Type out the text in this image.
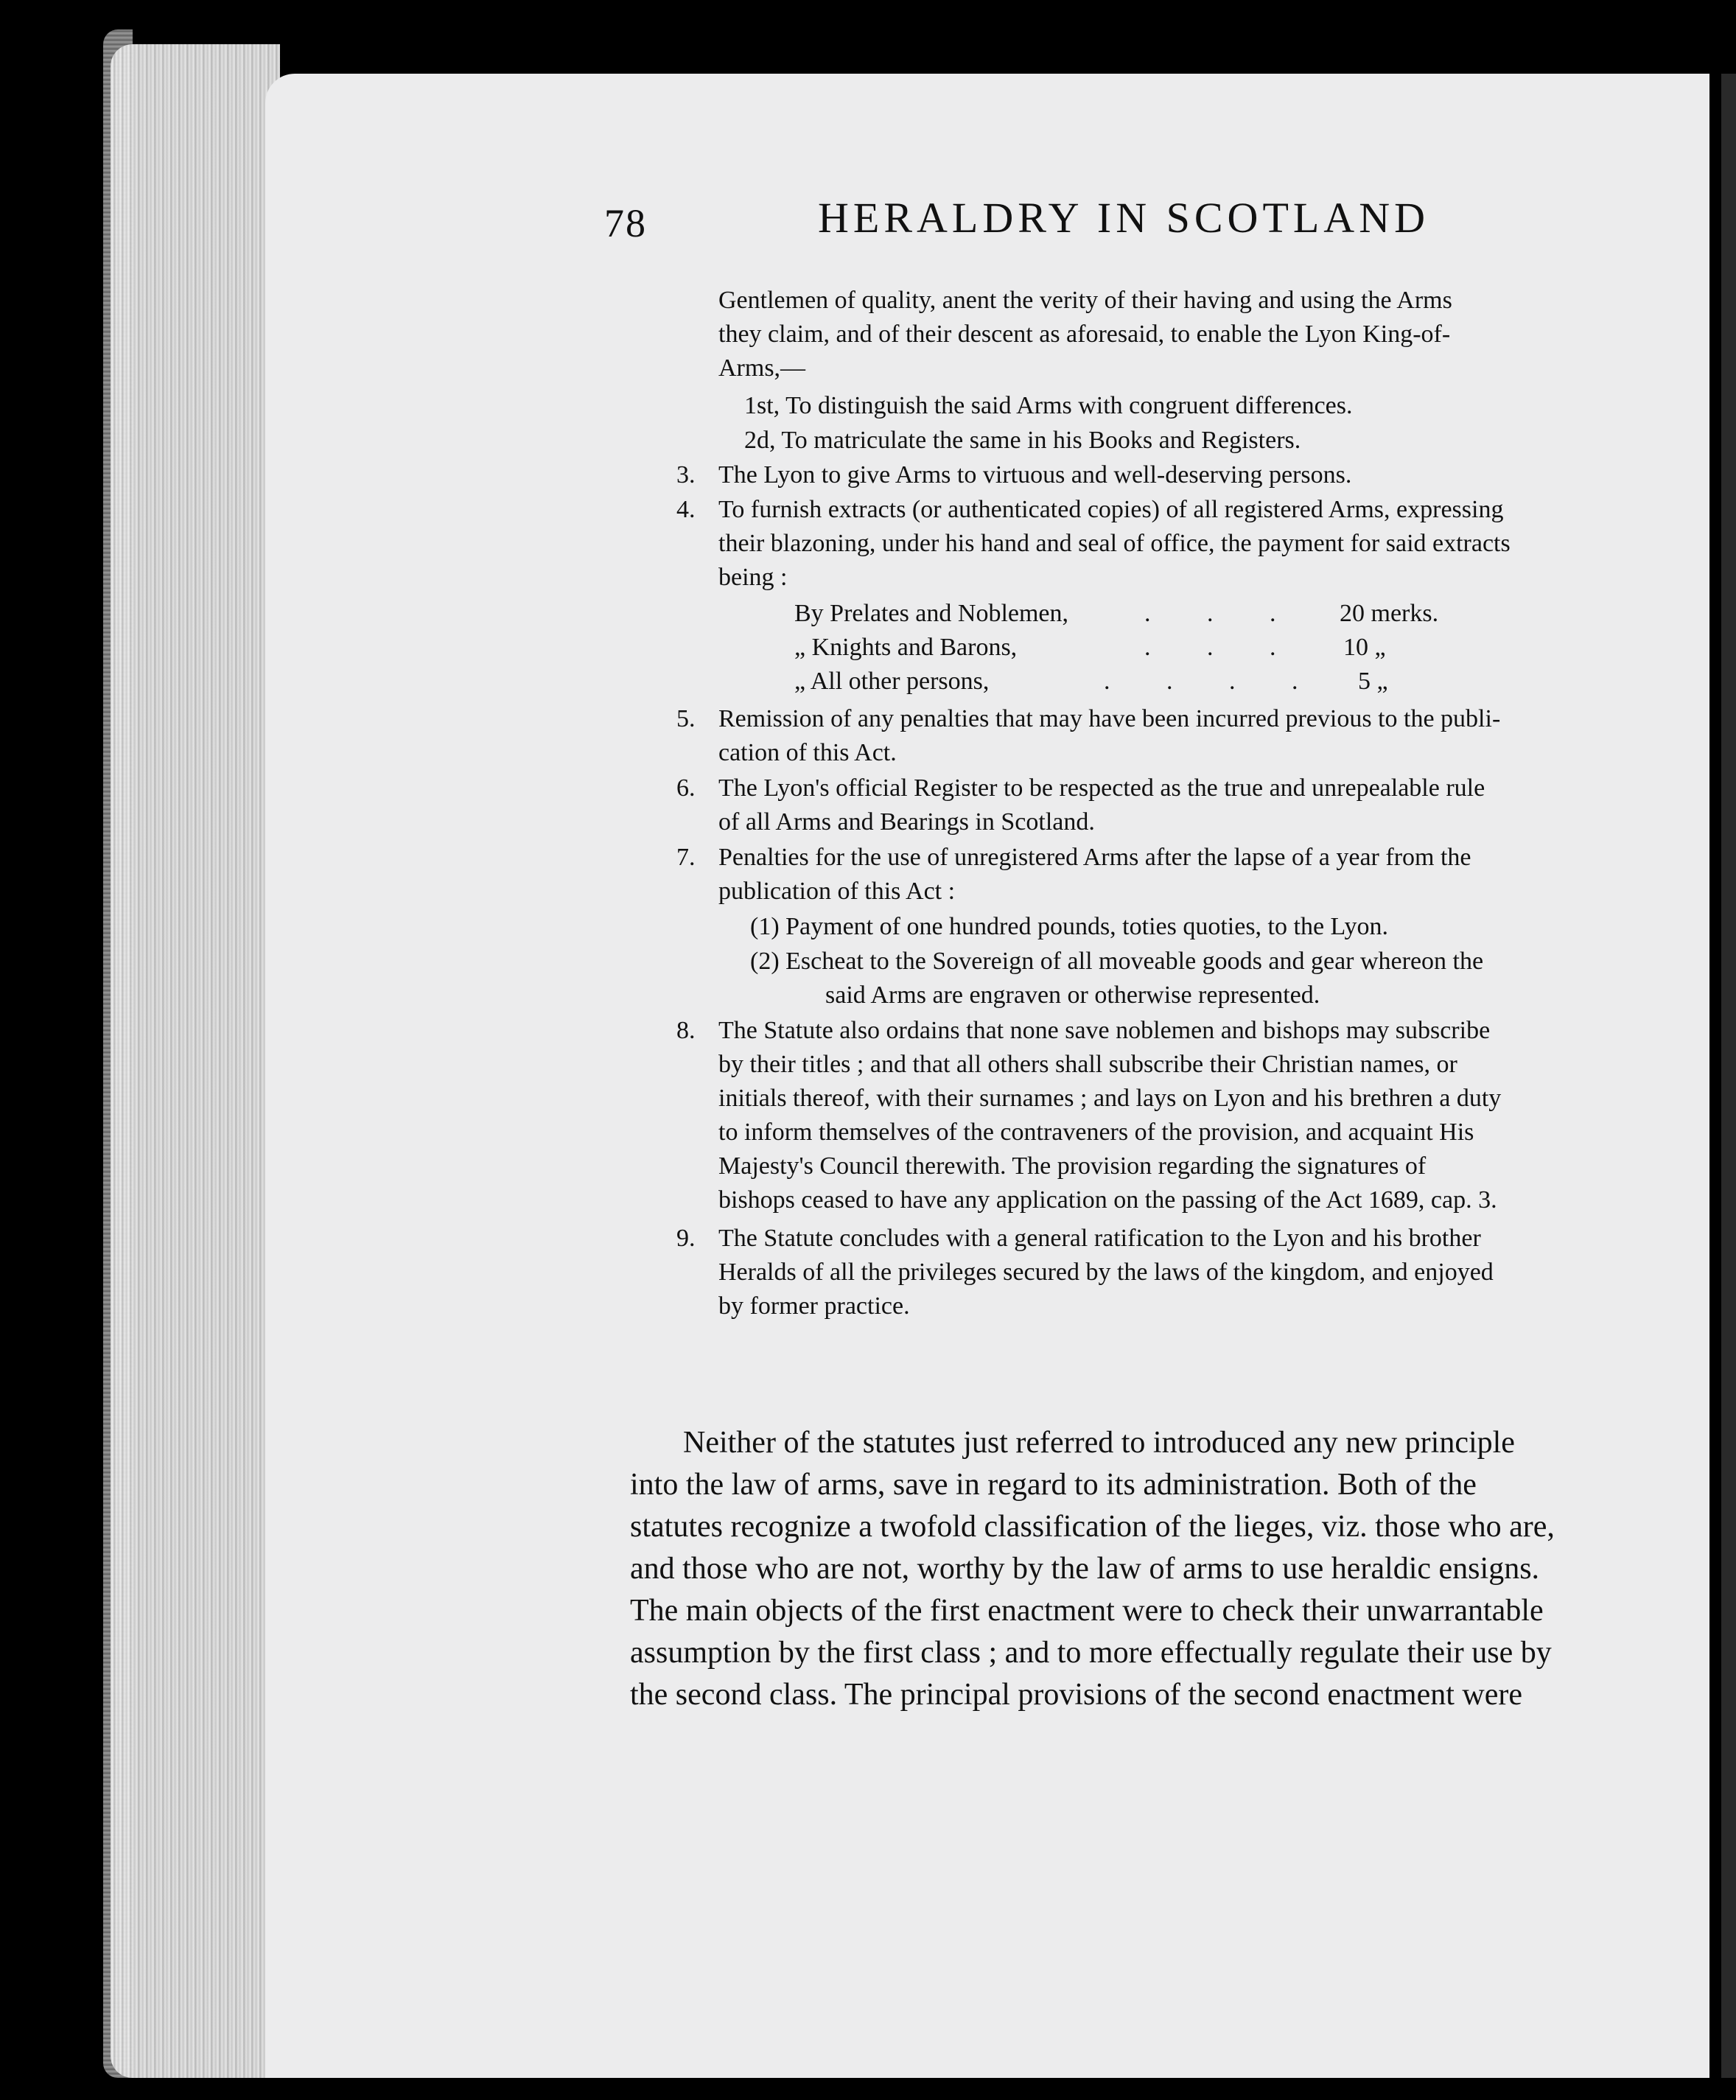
78	HERALDRY IN SCOTLAND
Gentlemen of quality, anent the verity of their having and using the Arms
they claim, and of their descent as aforesaid, to enable the Lyon King-of-
Arms,—
1st, To distinguish the said Arms with congruent differences.
2d, To matriculate the same in his Books and Registers.
3. The Lyon to give Arms to virtuous and well-deserving persons.
4. To furnish extracts (or authenticated copies) of all registered Arms, expressing
their blazoning, under his hand and seal of office, the payment for said extracts
being :
By Prelates and Noblemen,	. . . 20 merks.
„ Knights and Barons,	. . . 10 „
„ All other persons,	. . . . 5 „
5. Remission of any penalties that may have been incurred previous to the publi-
cation of this Act.
6. The Lyon's official Register to be respected as the true and unrepealable rule
of all Arms and Bearings in Scotland.
7. Penalties for the use of unregistered Arms after the lapse of a year from the
publication of this Act :
(1) Payment of one hundred pounds, toties quoties, to the Lyon.
(2) Escheat to the Sovereign of all moveable goods and gear whereon the
said Arms are engraven or otherwise represented.
8. The Statute also ordains that none save noblemen and bishops may subscribe
by their titles ; and that all others shall subscribe their Christian names, or
initials thereof, with their surnames ; and lays on Lyon and his brethren a duty
to inform themselves of the contraveners of the provision, and acquaint His
Majesty's Council therewith. The provision regarding the signatures of
bishops ceased to have any application on the passing of the Act 1689, cap. 3.
9. The Statute concludes with a general ratification to the Lyon and his brother
Heralds of all the privileges secured by the laws of the kingdom, and enjoyed
by former practice.
Neither of the statutes just referred to introduced any new principle
into the law of arms, save in regard to its administration. Both of the
statutes recognize a twofold classification of the lieges, viz. those who are,
and those who are not, worthy by the law of arms to use heraldic ensigns.
The main objects of the first enactment were to check their unwarrantable
assumption by the first class ; and to more effectually regulate their use by
the second class. The principal provisions of the second enactment were
